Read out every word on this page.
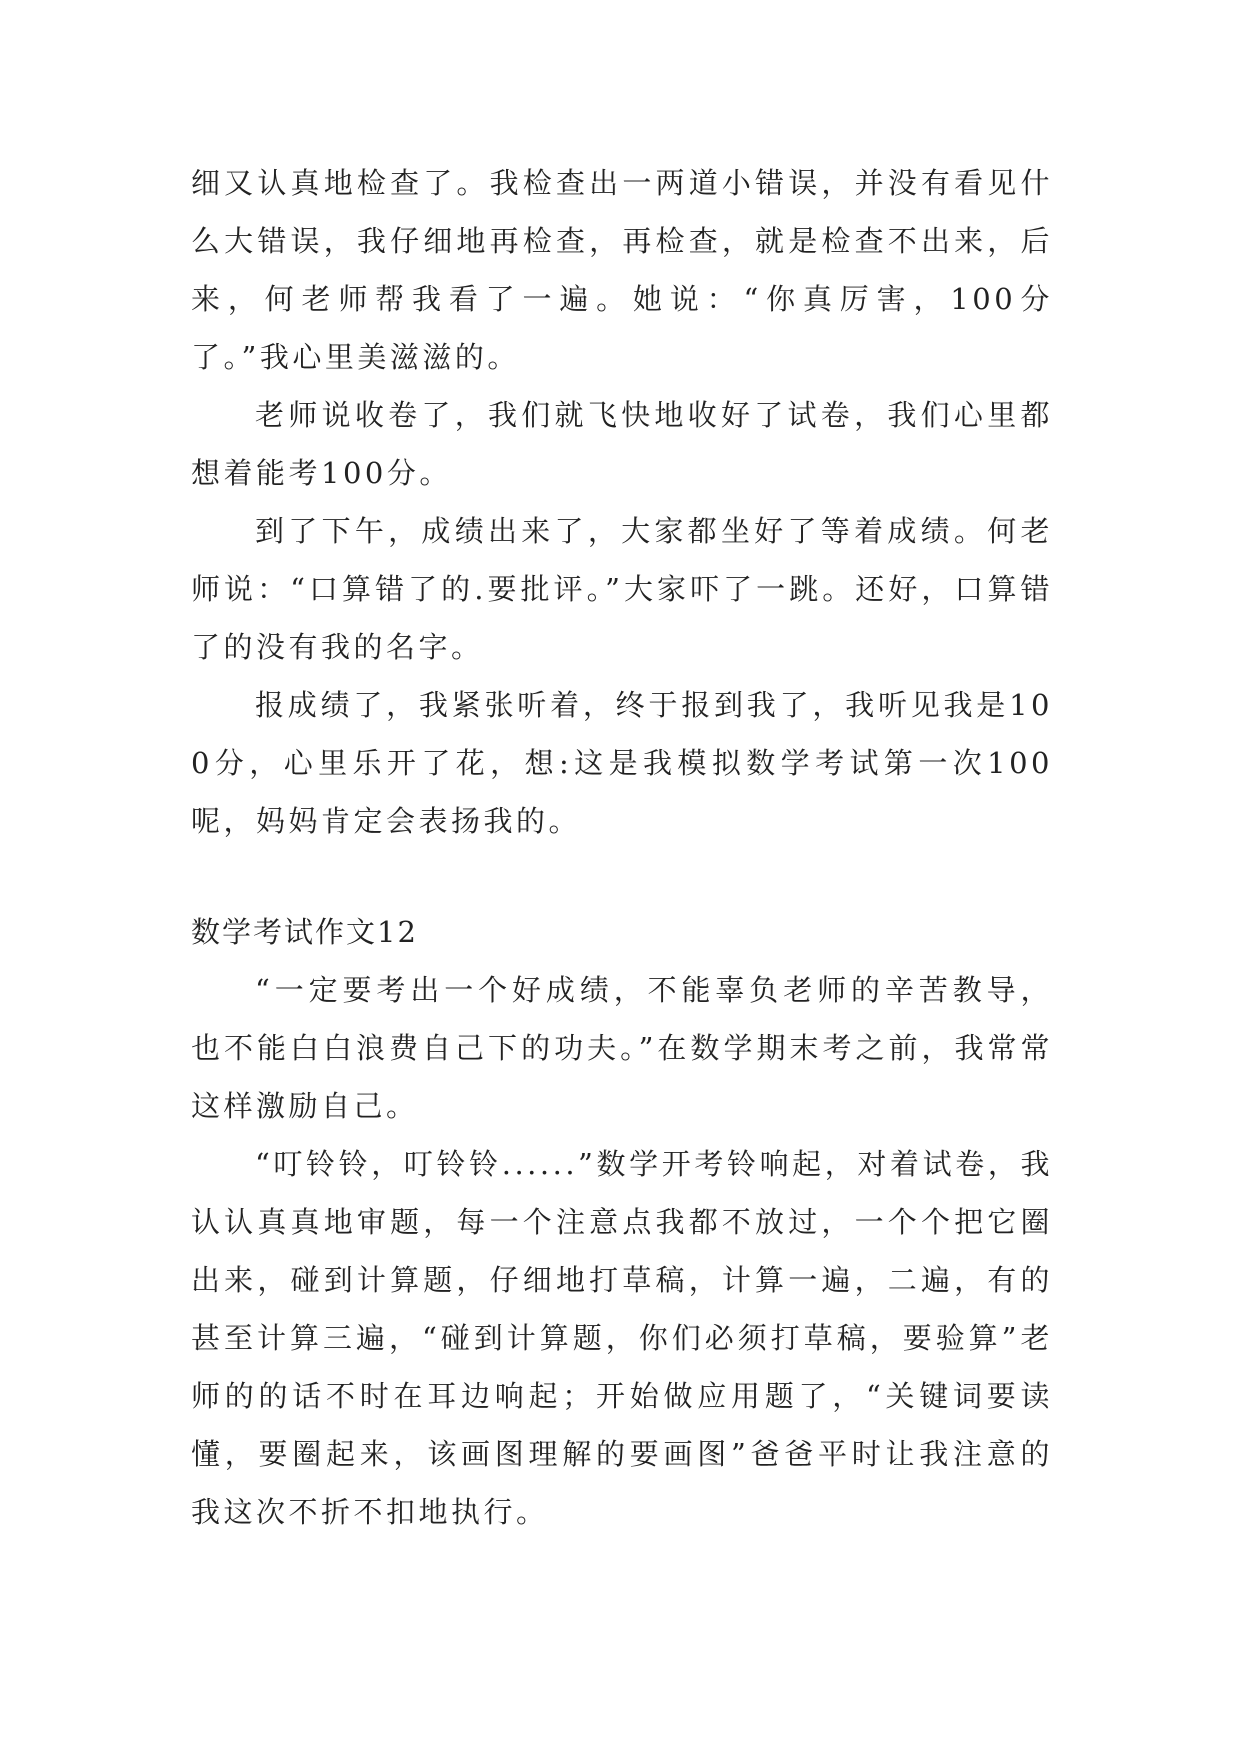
细又认真地检查了。我检查出一两道小错误，并没有看见什么大错误，我仔细地再检查，再检查，就是检查不出来，后来，何老师帮我看了一遍。她说：“你真厉害，100分了。”我心里美滋滋的。

老师说收卷了，我们就飞快地收好了试卷，我们心里都想着能考100分。

到了下午，成绩出来了，大家都坐好了等着成绩。何老师说：“口算错了的.要批评。”大家吓了一跳。还好，口算错了的没有我的名字。

报成绩了，我紧张听着，终于报到我了，我听见我是100分，心里乐开了花，想:这是我模拟数学考试第一次100呢，妈妈肯定会表扬我的。

数学考试作文12

“一定要考出一个好成绩，不能辜负老师的辛苦教导，也不能白白浪费自己下的功夫。”在数学期末考之前，我常常这样激励自己。

“叮铃铃，叮铃铃......”数学开考铃响起，对着试卷，我认认真真地审题，每一个注意点我都不放过，一个个把它圈出来，碰到计算题，仔细地打草稿，计算一遍，二遍，有的甚至计算三遍，“碰到计算题，你们必须打草稿，要验算”老师的的话不时在耳边响起；开始做应用题了，“关键词要读懂，要圈起来，该画图理解的要画图”爸爸平时让我注意的我这次不折不扣地执行。
